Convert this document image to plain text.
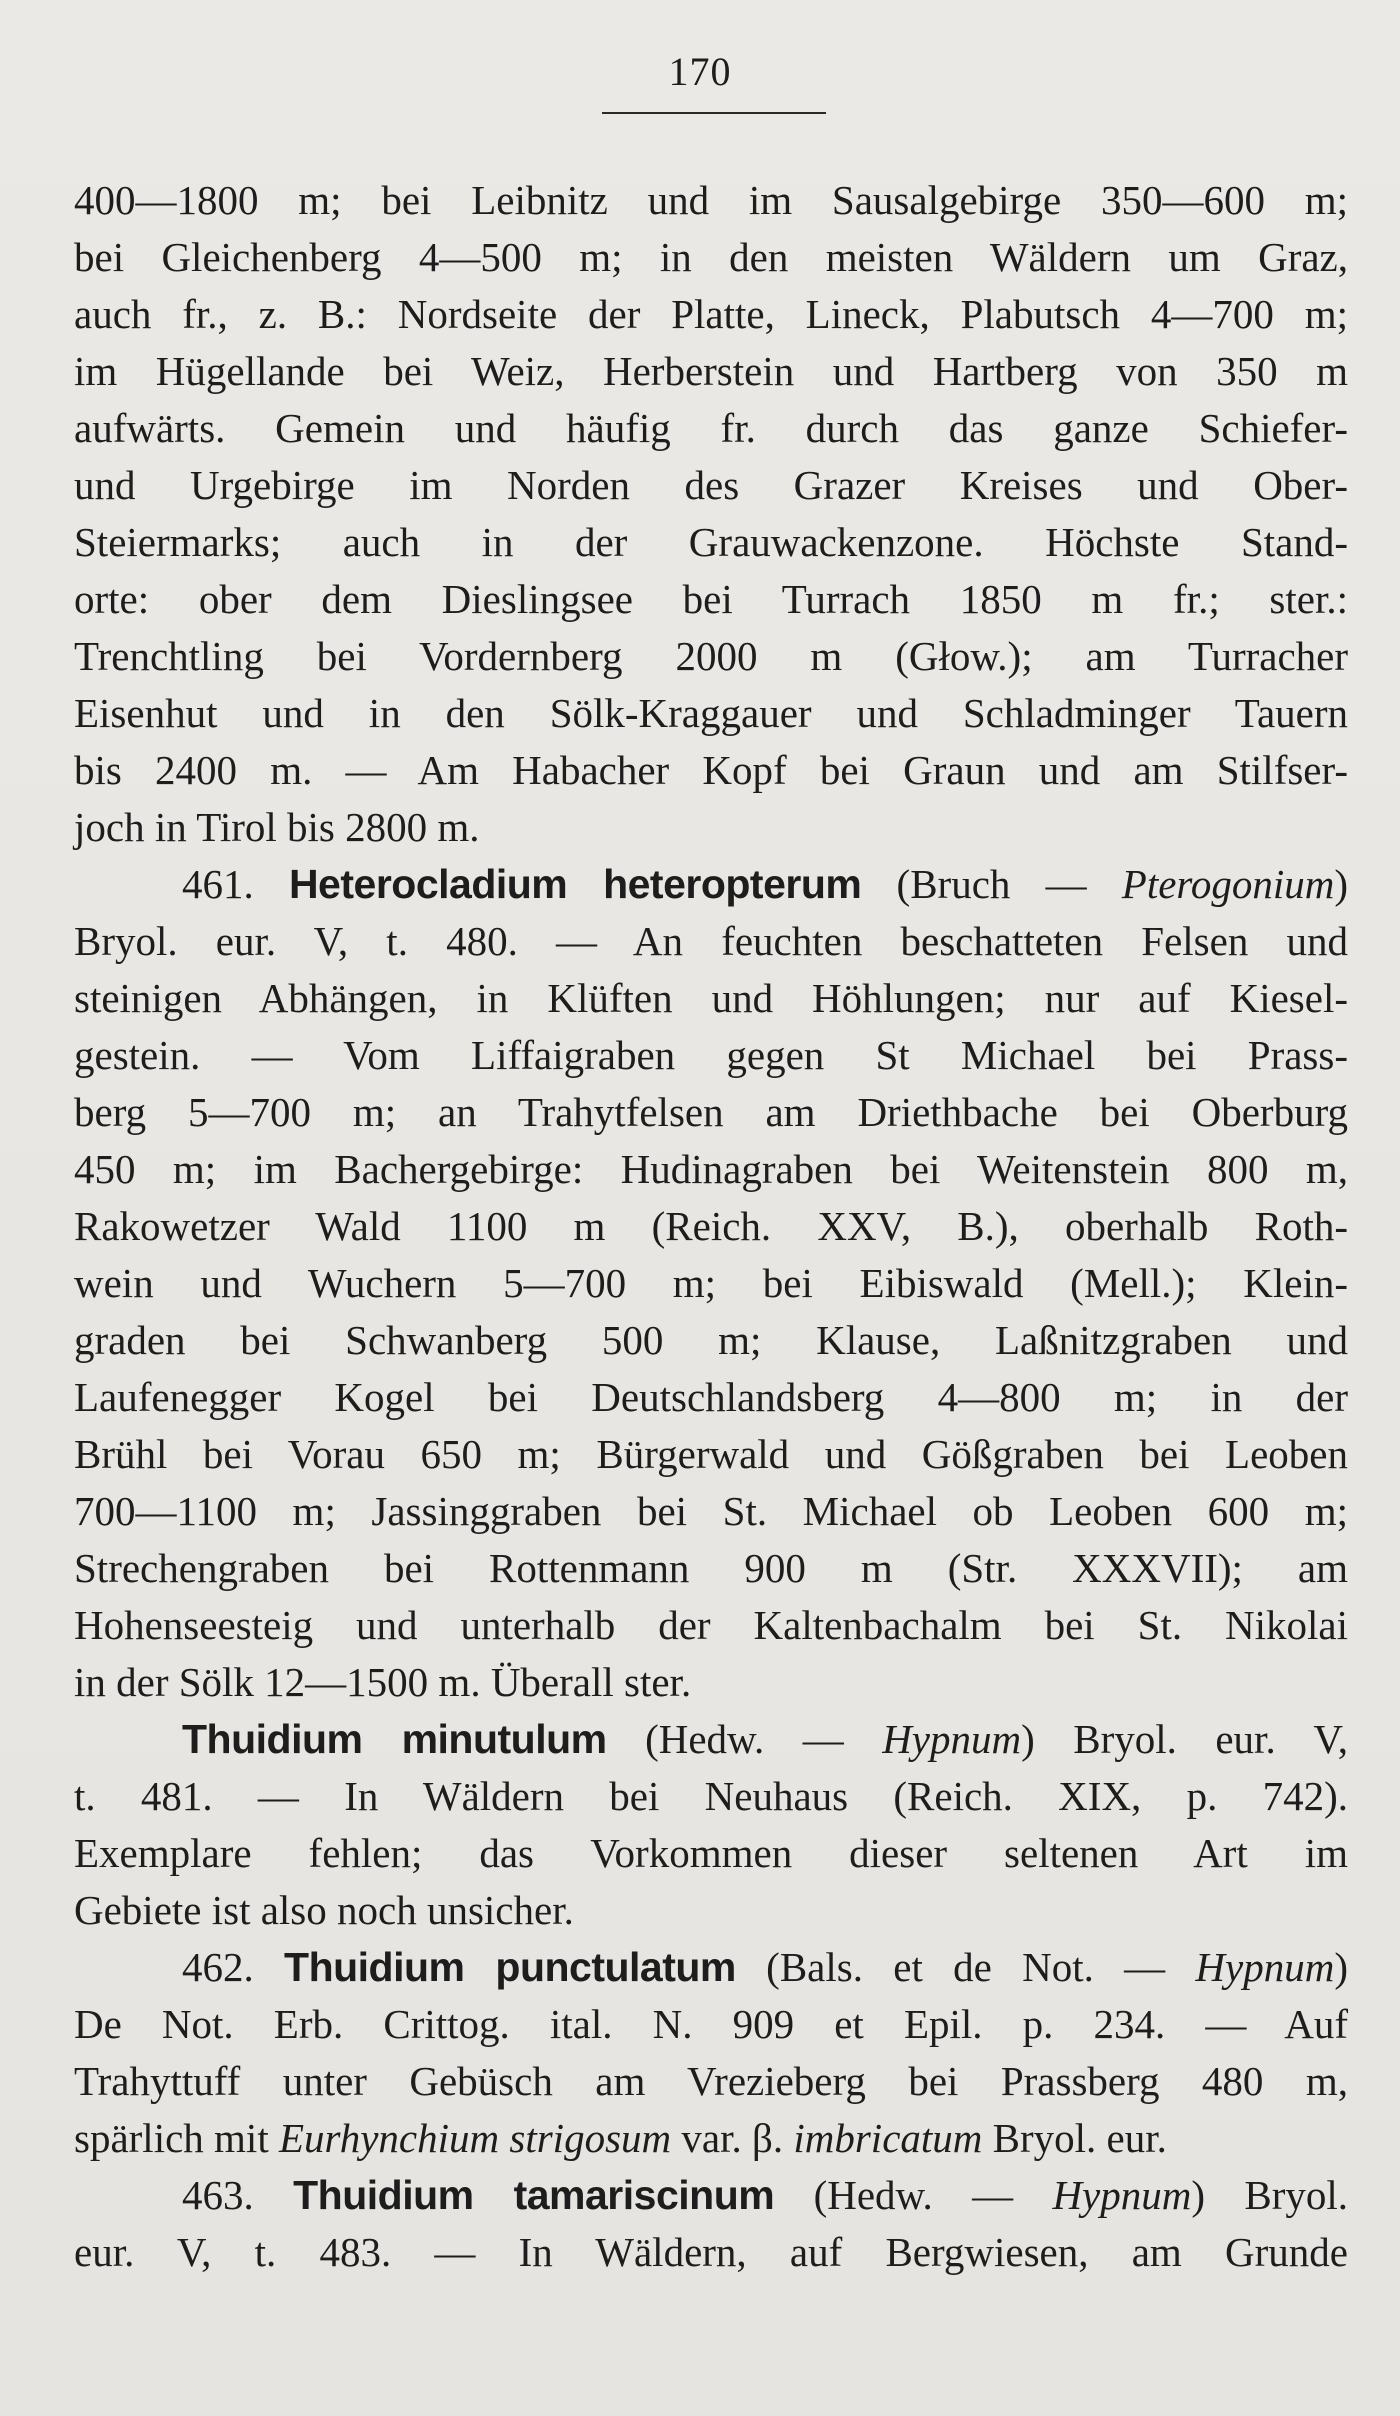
170
400—1800 m; bei Leibnitz und im Sausalgebirge 350—600 m;
bei Gleichenberg 4—500 m; in den meisten Wäldern um Graz,
auch fr., z. B.: Nordseite der Platte, Lineck, Plabutsch 4—700 m;
im Hügellande bei Weiz, Herberstein und Hartberg von 350 m
aufwärts. Gemein und häufig fr. durch das ganze Schiefer-
und Urgebirge im Norden des Grazer Kreises und Ober-
Steiermarks; auch in der Grauwackenzone. Höchste Stand-
orte: ober dem Dieslingsee bei Turrach 1850 m fr.; ster.:
Trenchtling bei Vordernberg 2000 m (Głow.); am Turracher
Eisenhut und in den Sölk-Kraggauer und Schladminger Tauern
bis 2400 m. — Am Habacher Kopf bei Graun und am Stilfser-
joch in Tirol bis 2800 m.
461. Heterocladium heteropterum (Bruch — Pterogonium)
Bryol. eur. V, t. 480. — An feuchten beschatteten Felsen und
steinigen Abhängen, in Klüften und Höhlungen; nur auf Kiesel-
gestein. — Vom Liffaigraben gegen St Michael bei Prass-
berg 5—700 m; an Trahytfelsen am Driethbache bei Oberburg
450 m; im Bachergebirge: Hudinagraben bei Weitenstein 800 m,
Rakowetzer Wald 1100 m (Reich. XXV, B.), oberhalb Roth-
wein und Wuchern 5—700 m; bei Eibiswald (Mell.); Klein-
graden bei Schwanberg 500 m; Klause, Laßnitzgraben und
Laufenegger Kogel bei Deutschlandsberg 4—800 m; in der
Brühl bei Vorau 650 m; Bürgerwald und Gößgraben bei Leoben
700—1100 m; Jassinggraben bei St. Michael ob Leoben 600 m;
Strechengraben bei Rottenmann 900 m (Str. XXXVII); am
Hohenseesteig und unterhalb der Kaltenbachalm bei St. Nikolai
in der Sölk 12—1500 m. Überall ster.
Thuidium minutulum (Hedw. — Hypnum) Bryol. eur. V,
t. 481. — In Wäldern bei Neuhaus (Reich. XIX, p. 742).
Exemplare fehlen; das Vorkommen dieser seltenen Art im
Gebiete ist also noch unsicher.
462. Thuidium punctulatum (Bals. et de Not. — Hypnum)
De Not. Erb. Crittog. ital. N. 909 et Epil. p. 234. — Auf
Trahyttuff unter Gebüsch am Vrezieberg bei Prassberg 480 m,
spärlich mit Eurhynchium strigosum var. β. imbricatum Bryol. eur.
463. Thuidium tamariscinum (Hedw. — Hypnum) Bryol.
eur. V, t. 483. — In Wäldern, auf Bergwiesen, am Grunde
